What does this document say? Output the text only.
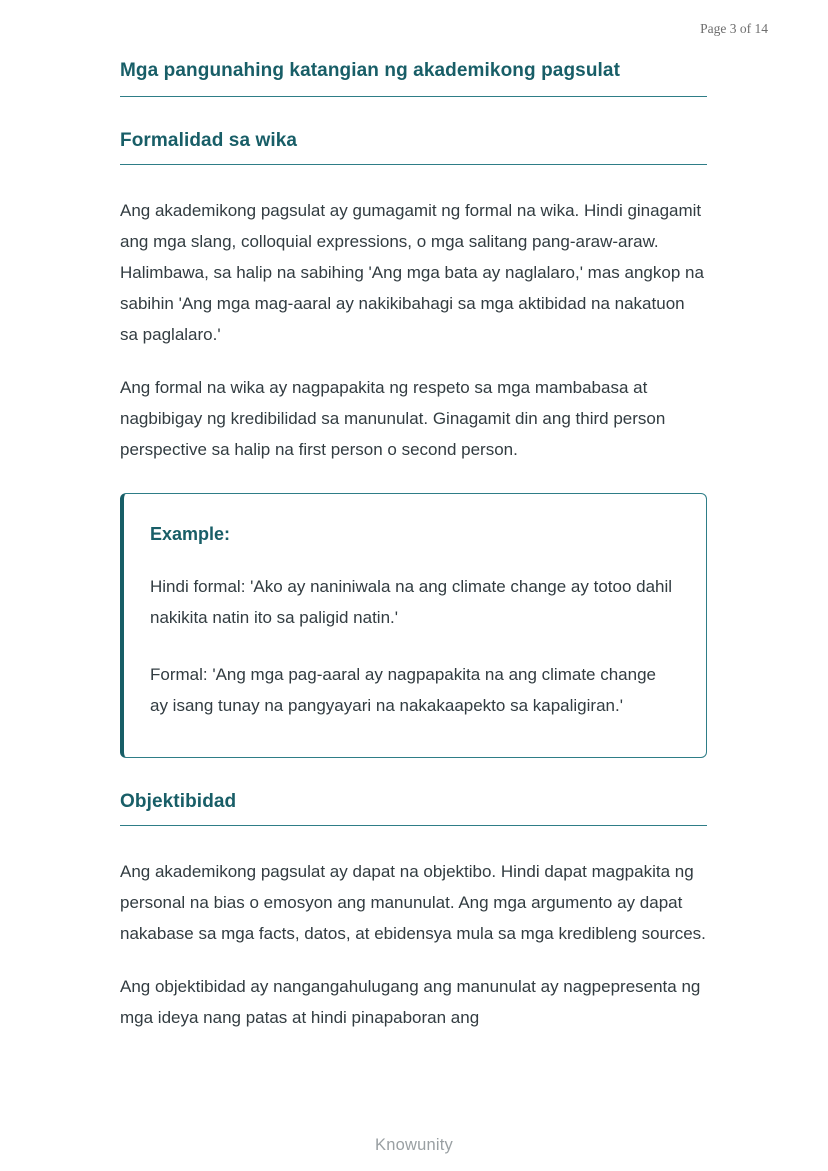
Page 3 of 14
Mga pangunahing katangian ng akademikong pagsulat
Formalidad sa wika

Ang akademikong pagsulat ay gumagamit ng formal na wika. Hindi ginagamit ang mga slang, colloquial expressions, o mga salitang pang-araw-araw. Halimbawa, sa halip na sabihing 'Ang mga bata ay naglalaro,' mas angkop na sabihin 'Ang mga mag-aaral ay nakikibahagi sa mga aktibidad na nakatuon sa paglalaro.'

Ang formal na wika ay nagpapakita ng respeto sa mga mambabasa at nagbibigay ng kredibilidad sa manunulat. Ginagamit din ang third person perspective sa halip na first person o second person.

Example:

Hindi formal: 'Ako ay naniniwala na ang climate change ay totoo dahil nakikita natin ito sa paligid natin.'

Formal: 'Ang mga pag-aaral ay nagpapakita na ang climate change ay isang tunay na pangyayari na nakakaapekto sa kapaligiran.'

Objektibidad

Ang akademikong pagsulat ay dapat na objektibo. Hindi dapat magpakita ng personal na bias o emosyon ang manunulat. Ang mga argumento ay dapat nakabase sa mga facts, datos, at ebidensya mula sa mga kredibleng sources.

Ang objektibidad ay nangangahulugang ang manunulat ay nagpepresenta ng mga ideya nang patas at hindi pinapaboran ang

Knowunity
